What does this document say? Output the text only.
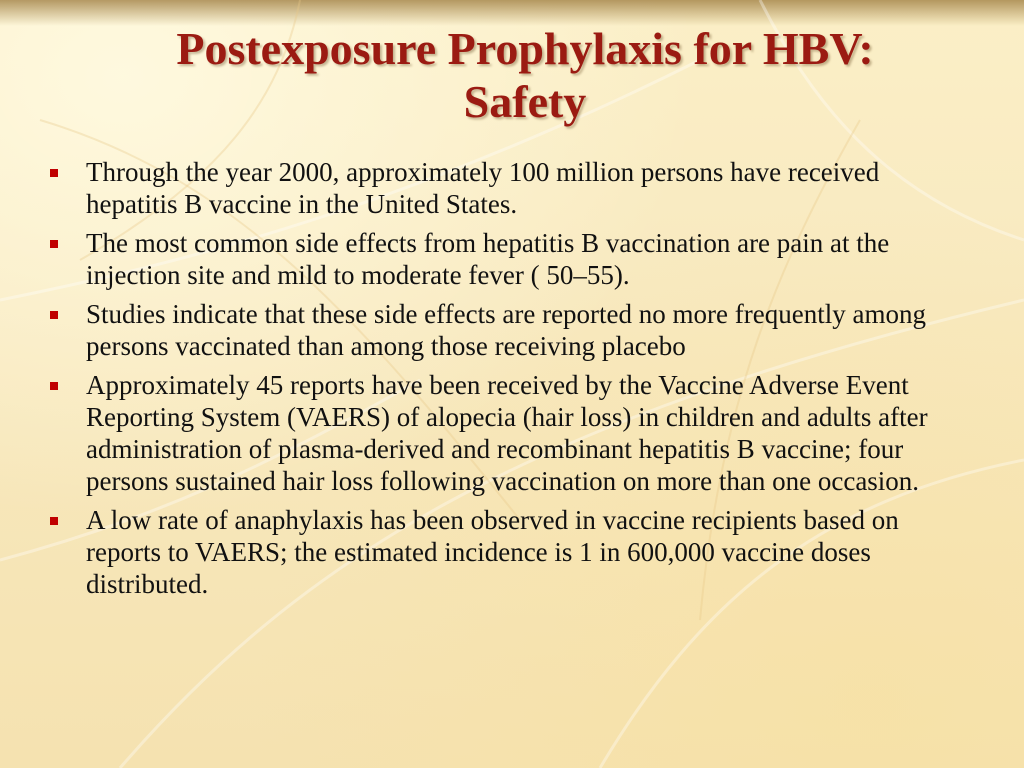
Postexposure Prophylaxis for HBV:
Safety
Through the year 2000, approximately 100 million persons have received hepatitis B vaccine in the United States.
The most common side effects from hepatitis B vaccination are pain at the injection site and mild to moderate fever ( 50–55).
Studies indicate that these side effects are reported no more frequently among persons vaccinated than among those receiving placebo
Approximately 45 reports have been received by the Vaccine Adverse Event Reporting System (VAERS) of alopecia (hair loss) in children and adults after administration of plasma-derived and recombinant hepatitis B vaccine; four persons sustained hair loss following vaccination on more than one occasion.
A low rate of anaphylaxis has been observed in vaccine recipients based on reports to VAERS; the estimated incidence is 1 in 600,000 vaccine doses distributed.
